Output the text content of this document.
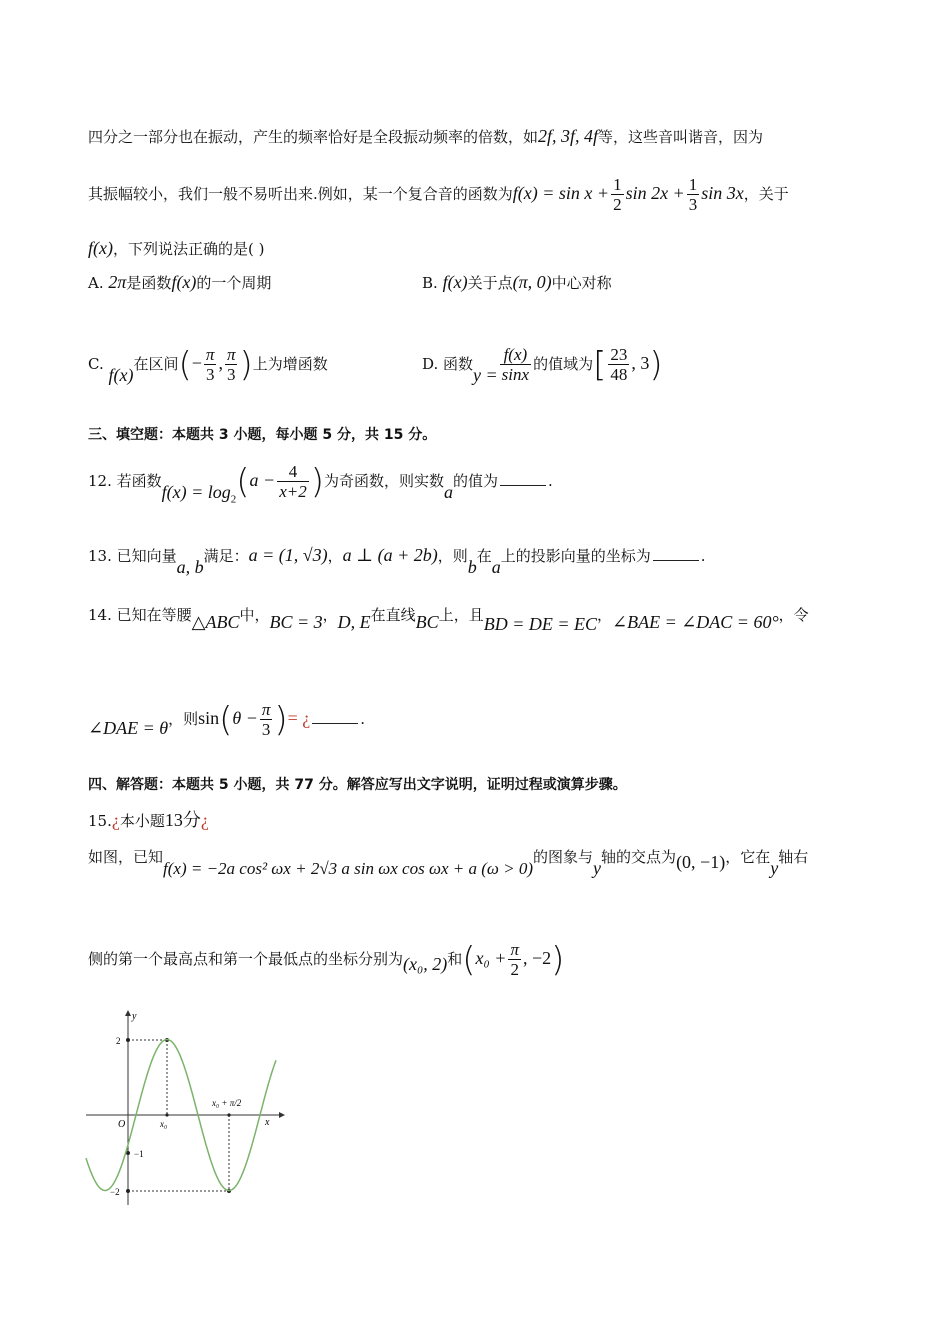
四分之一部分也在振动，产生的频率恰好是全段振动频率的倍数，如2f, 3f, 4f等，这些音叫谐音，因为
其振幅较小，我们一般不易听出来.例如，某一个复合音的函数为$f(x) = \sin x + \frac{1}{2}$ $\sin 2x + \frac{1}{3}$ sin 3x，关于
f(x)，下列说法正确的是( )
A. 2π是函数f(x)的一个周期	B. f(x)关于点(π, 0)中心对称
C. f(x)在区间(− $\frac{\pi}{3}$ , $\frac{\pi}{3}$ )上为增函数	D. 函数$y = \frac{f(x)}{\sin x}$ 的值域为[ $\frac{23}{48}$ , 3)
三、填空题：本题共 3 小题，每小题 5 分，共 15 分。
12. 若函数$f(x) = \log_2(a - \frac{4}{x+2}$ )为奇函数，则实数a的值为	.
13. 已知向量a, b满足：a = (1, √3)，a ⊥ (a + 2b)，则b在a上的投影向量的坐标为	.
14. 已知在等腰△ABC中，BC = 3，D, E在直线BC上，且BD = DE = EC，∠BAE = ∠DAC = 60°，令
∠DAE = θ，则$\sin(\theta - \frac{\pi}{3}$ )= ¿	.
四、解答题：本题共 5 小题，共 77 分。解答应写出文字说明，证明过程或演算步骤。
15.¿本小题13分¿
如图，已知f(x) = −2a cos² ωx + 2√3 a sin ωx cos ωx + a (ω > 0)的图象与y轴的交点为(0, −1)，它在y轴右
侧的第一个最高点和第一个最低点的坐标分别为(x₀, 2)和($x_0 + \frac{\pi}{2}$ , −2)
y
x
O
2
−1
−2
x₀
x₀ + π/2
